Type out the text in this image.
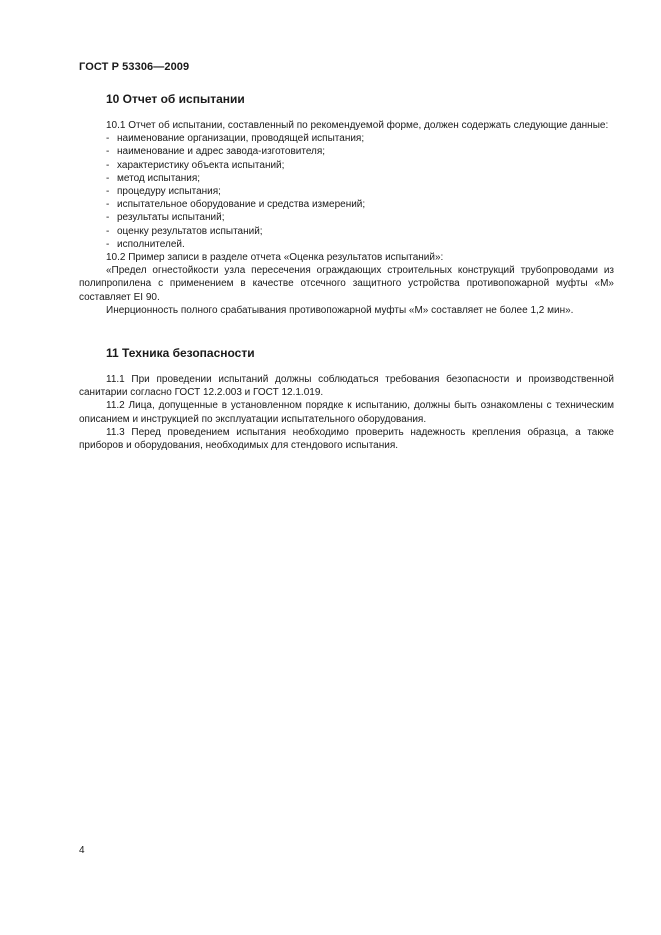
ГОСТ Р 53306—2009
10 Отчет об испытании

10.1 Отчет об испытании, составленный по рекомендуемой форме, должен содержать следующие данные:

- наименование организации, проводящей испытания;
- наименование и адрес завода-изготовителя;
- характеристику объекта испытаний;
- метод испытания;
- процедуру испытания;
- испытательное оборудование и средства измерений;
- результаты испытаний;
- оценку результатов испытаний;
- исполнителей.

10.2 Пример записи в разделе отчета «Оценка результатов испытаний»:

«Предел огнестойкости узла пересечения ограждающих строительных конструкций трубопроводами из полипропилена с применением в качестве отсечного защитного устройства противопожарной муфты «М» составляет EI 90.

Инерционность полного срабатывания противопожарной муфты «М» составляет не более 1,2 мин».

11 Техника безопасности

11.1 При проведении испытаний должны соблюдаться требования безопасности и производственной санитарии согласно ГОСТ 12.2.003 и ГОСТ 12.1.019.

11.2 Лица, допущенные в установленном порядке к испытанию, должны быть ознакомлены с техническим описанием и инструкцией по эксплуатации испытательного оборудования.

11.3 Перед проведением испытания необходимо проверить надежность крепления образца, а также приборов и оборудования, необходимых для стендового испытания.

4
